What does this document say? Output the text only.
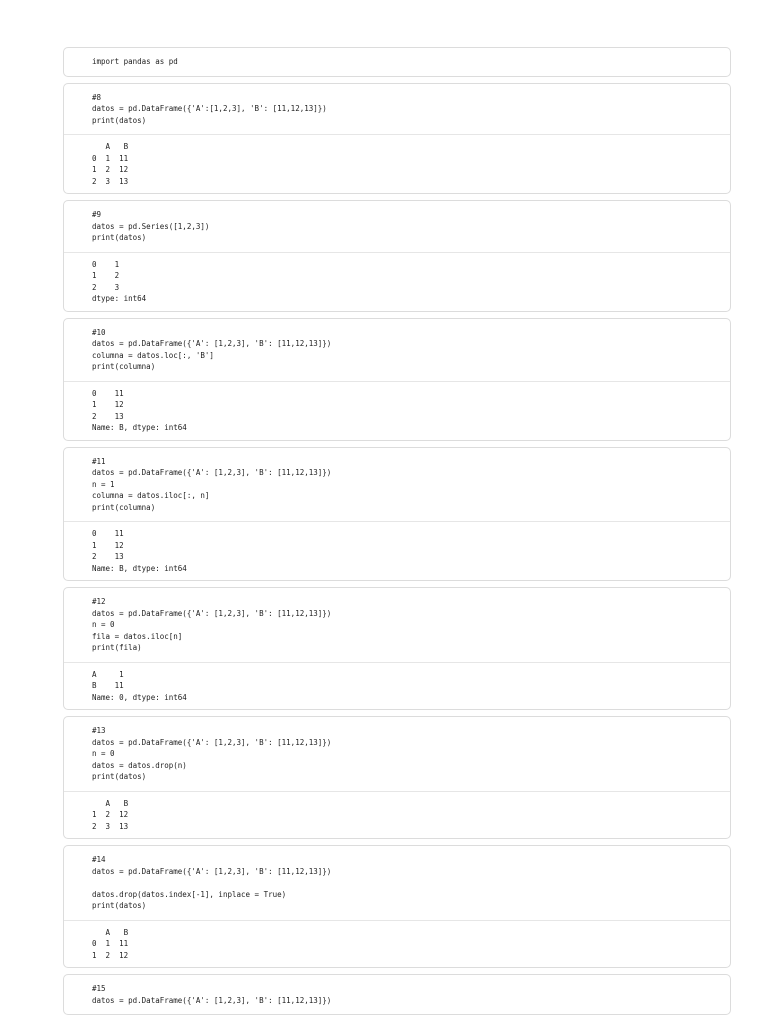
import pandas as pd
#8
datos = pd.DataFrame({'A':[1,2,3], 'B': [11,12,13]})
print(datos)
A   B
0  1  11
1  2  12
2  3  13
#9
datos = pd.Series([1,2,3])
print(datos)
0    1
1    2
2    3
dtype: int64
#10
datos = pd.DataFrame({'A': [1,2,3], 'B': [11,12,13]})
columna = datos.loc[:, 'B']
print(columna)
0    11
1    12
2    13
Name: B, dtype: int64
#11
datos = pd.DataFrame({'A': [1,2,3], 'B': [11,12,13]})
n = 1
columna = datos.iloc[:, n]
print(columna)
0    11
1    12
2    13
Name: B, dtype: int64
#12
datos = pd.DataFrame({'A': [1,2,3], 'B': [11,12,13]})
n = 0
fila = datos.iloc[n]
print(fila)
A     1
B    11
Name: 0, dtype: int64
#13
datos = pd.DataFrame({'A': [1,2,3], 'B': [11,12,13]})
n = 0
datos = datos.drop(n)
print(datos)
A   B
1  2  12
2  3  13
#14
datos = pd.DataFrame({'A': [1,2,3], 'B': [11,12,13]})

datos.drop(datos.index[-1], inplace = True)
print(datos)
A   B
0  1  11
1  2  12
#15
datos = pd.DataFrame({'A': [1,2,3], 'B': [11,12,13]})
